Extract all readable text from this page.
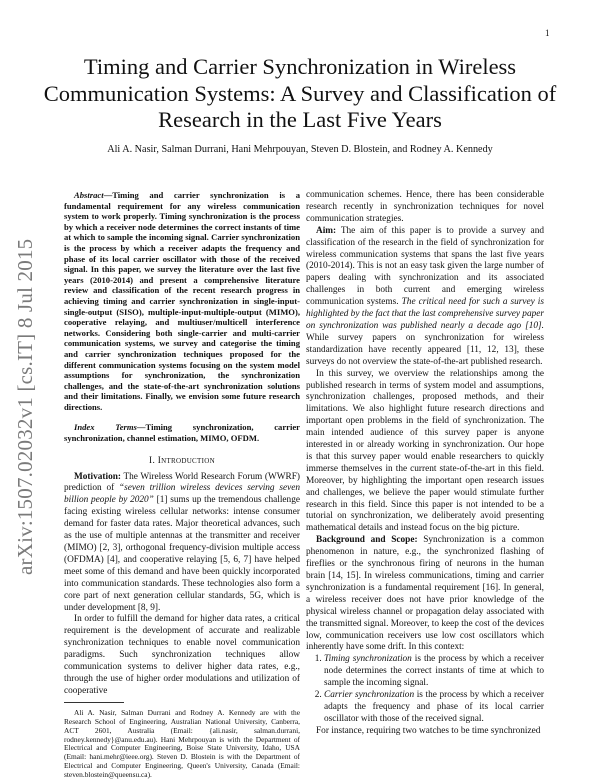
1
arXiv:1507.02032v1 [cs.IT] 8 Jul 2015
Timing and Carrier Synchronization in Wireless Communication Systems: A Survey and Classification of Research in the Last Five Years
Ali A. Nasir, Salman Durrani, Hani Mehrpouyan, Steven D. Blostein, and Rodney A. Kennedy

Abstract—Timing and carrier synchronization is a fundamental requirement for any wireless communication system to work properly. Timing synchronization is the process by which a receiver node determines the correct instants of time at which to sample the incoming signal. Carrier synchronization is the process by which a receiver adapts the frequency and phase of its local carrier oscillator with those of the received signal. In this paper, we survey the literature over the last five years (2010-2014) and present a comprehensive literature review and classification of the recent research progress in achieving timing and carrier synchronization in single-input-single-output (SISO), multiple-input-multiple-output (MIMO), cooperative relaying, and multiuser/multicell interference networks. Considering both single-carrier and multi-carrier communication systems, we survey and categorise the timing and carrier synchronization techniques proposed for the different communication systems focusing on the system model assumptions for synchronization, the synchronization challenges, and the state-of-the-art synchronization solutions and their limitations. Finally, we envision some future research directions.

Index Terms—Timing synchronization, carrier synchronization, channel estimation, MIMO, OFDM.

I. Introduction

Motivation: The Wireless World Research Forum (WWRF) prediction of “seven trillion wireless devices serving seven billion people by 2020” [1] sums up the tremendous challenge facing existing wireless cellular networks: intense consumer demand for faster data rates. Major theoretical advances, such as the use of multiple antennas at the transmitter and receiver (MIMO) [2, 3], orthogonal frequency-division multiple access (OFDMA) [4], and cooperative relaying [5, 6, 7] have helped meet some of this demand and have been quickly incorporated into communication standards. These technologies also form a core part of next generation cellular standards, 5G, which is under development [8, 9].

In order to fulfill the demand for higher data rates, a critical requirement is the development of accurate and realizable synchronization techniques to enable novel communication paradigms. Such synchronization techniques allow communication systems to deliver higher data rates, e.g., through the use of higher order modulations and utilization of cooperative

Ali A. Nasir, Salman Durrani and Rodney A. Kennedy are with the Research School of Engineering, Australian National University, Canberra, ACT 2601, Australia (Email: {ali.nasir, salman.durrani, rodney.kennedy}@anu.edu.au). Hani Mehrpouyan is with the Department of Electrical and Computer Engineering, Boise State University, Idaho, USA (Email: hani.mehr@ieee.org). Steven D. Blostein is with the Department of Electrical and Computer Engineering, Queen's University, Canada (Email: steven.blostein@queensu.ca).

communication schemes. Hence, there has been considerable research recently in synchronization techniques for novel communication strategies.

Aim: The aim of this paper is to provide a survey and classification of the research in the field of synchronization for wireless communication systems that spans the last five years (2010-2014). This is not an easy task given the large number of papers dealing with synchronization and its associated challenges in both current and emerging wireless communication systems. The critical need for such a survey is highlighted by the fact that the last comprehensive survey paper on synchronization was published nearly a decade ago [10]. While survey papers on synchronization for wireless standardization have recently appeared [11, 12, 13], these surveys do not overview the state-of-the-art published research.

In this survey, we overview the relationships among the published research in terms of system model and assumptions, synchronization challenges, proposed methods, and their limitations. We also highlight future research directions and important open problems in the field of synchronization. The main intended audience of this survey paper is anyone interested in or already working in synchronization. Our hope is that this survey paper would enable researchers to quickly immerse themselves in the current state-of-the-art in this field. Moreover, by highlighting the important open research issues and challenges, we believe the paper would stimulate further research in this field. Since this paper is not intended to be a tutorial on synchronization, we deliberately avoid presenting mathematical details and instead focus on the big picture.

Background and Scope: Synchronization is a common phenomenon in nature, e.g., the synchronized flashing of fireflies or the synchronous firing of neurons in the human brain [14, 15]. In wireless communications, timing and carrier synchronization is a fundamental requirement [16]. In general, a wireless receiver does not have prior knowledge of the physical wireless channel or propagation delay associated with the transmitted signal. Moreover, to keep the cost of the devices low, communication receivers use low cost oscillators which inherently have some drift. In this context:

1. Timing synchronization is the process by which a receiver node determines the correct instants of time at which to sample the incoming signal.
2. Carrier synchronization is the process by which a receiver adapts the frequency and phase of its local carrier oscillator with those of the received signal.

For instance, requiring two watches to be time synchronized
